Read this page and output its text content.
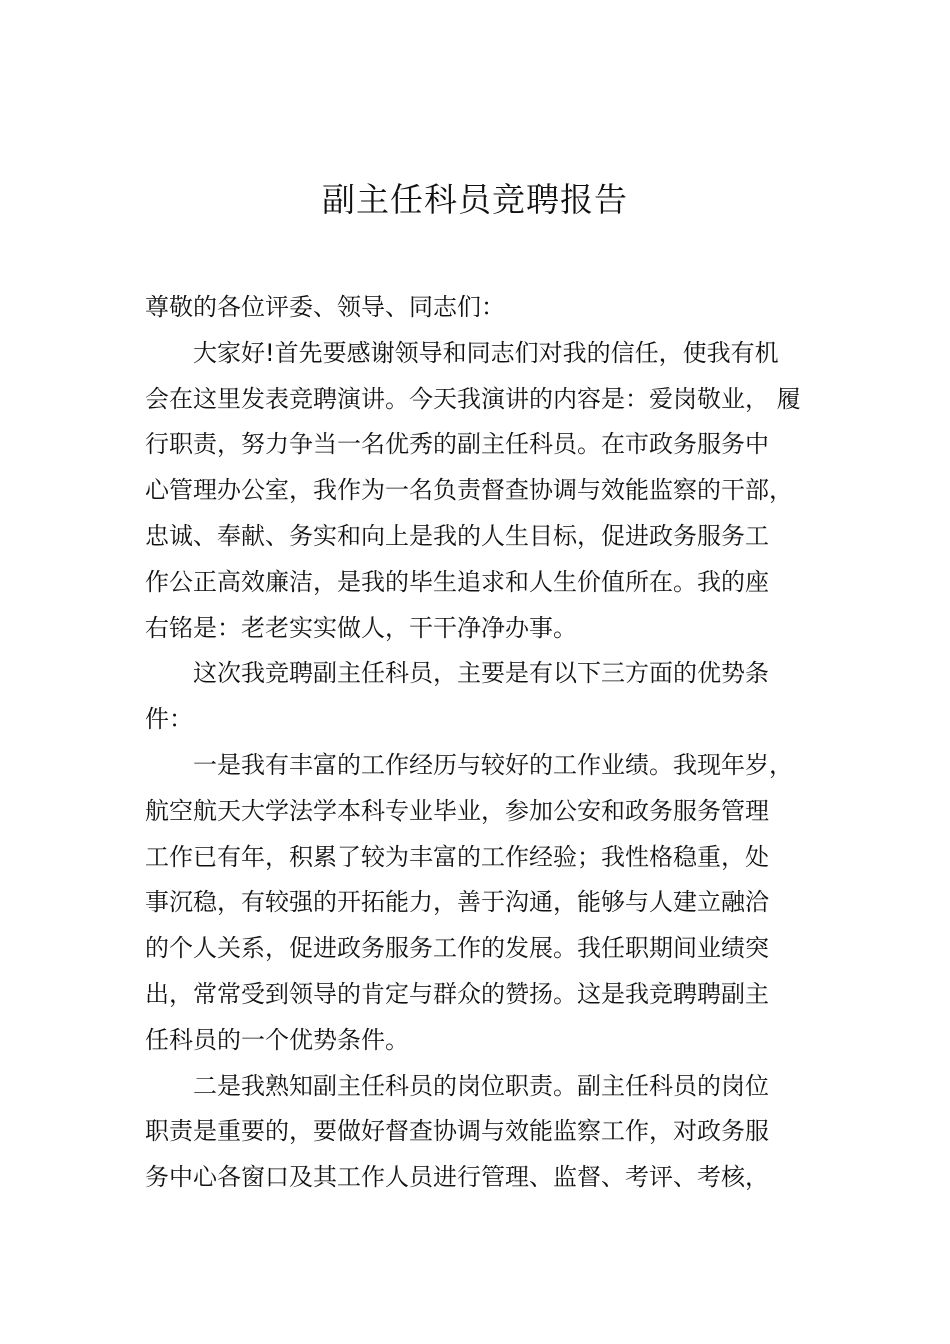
副主任科员竞聘报告
尊敬的各位评委、领导、同志们：
大家好!首先要感谢领导和同志们对我的信任，使我有机
会在这里发表竞聘演讲。今天我演讲的内容是：爱岗敬业， 履
行职责，努力争当一名优秀的副主任科员。在市政务服务中
心管理办公室，我作为一名负责督查协调与效能监察的干部，
忠诚、奉献、务实和向上是我的人生目标，促进政务服务工
作公正高效廉洁，是我的毕生追求和人生价值所在。我的座
右铭是：老老实实做人，干干净净办事。
这次我竞聘副主任科员，主要是有以下三方面的优势条
件：
一是我有丰富的工作经历与较好的工作业绩。我现年岁，
航空航天大学法学本科专业毕业，参加公安和政务服务管理
工作已有年，积累了较为丰富的工作经验；我性格稳重，处
事沉稳，有较强的开拓能力，善于沟通，能够与人建立融洽
的个人关系，促进政务服务工作的发展。我任职期间业绩突
出，常常受到领导的肯定与群众的赞扬。这是我竞聘聘副主
任科员的一个优势条件。
二是我熟知副主任科员的岗位职责。副主任科员的岗位
职责是重要的，要做好督查协调与效能监察工作，对政务服
务中心各窗口及其工作人员进行管理、监督、考评、考核，
